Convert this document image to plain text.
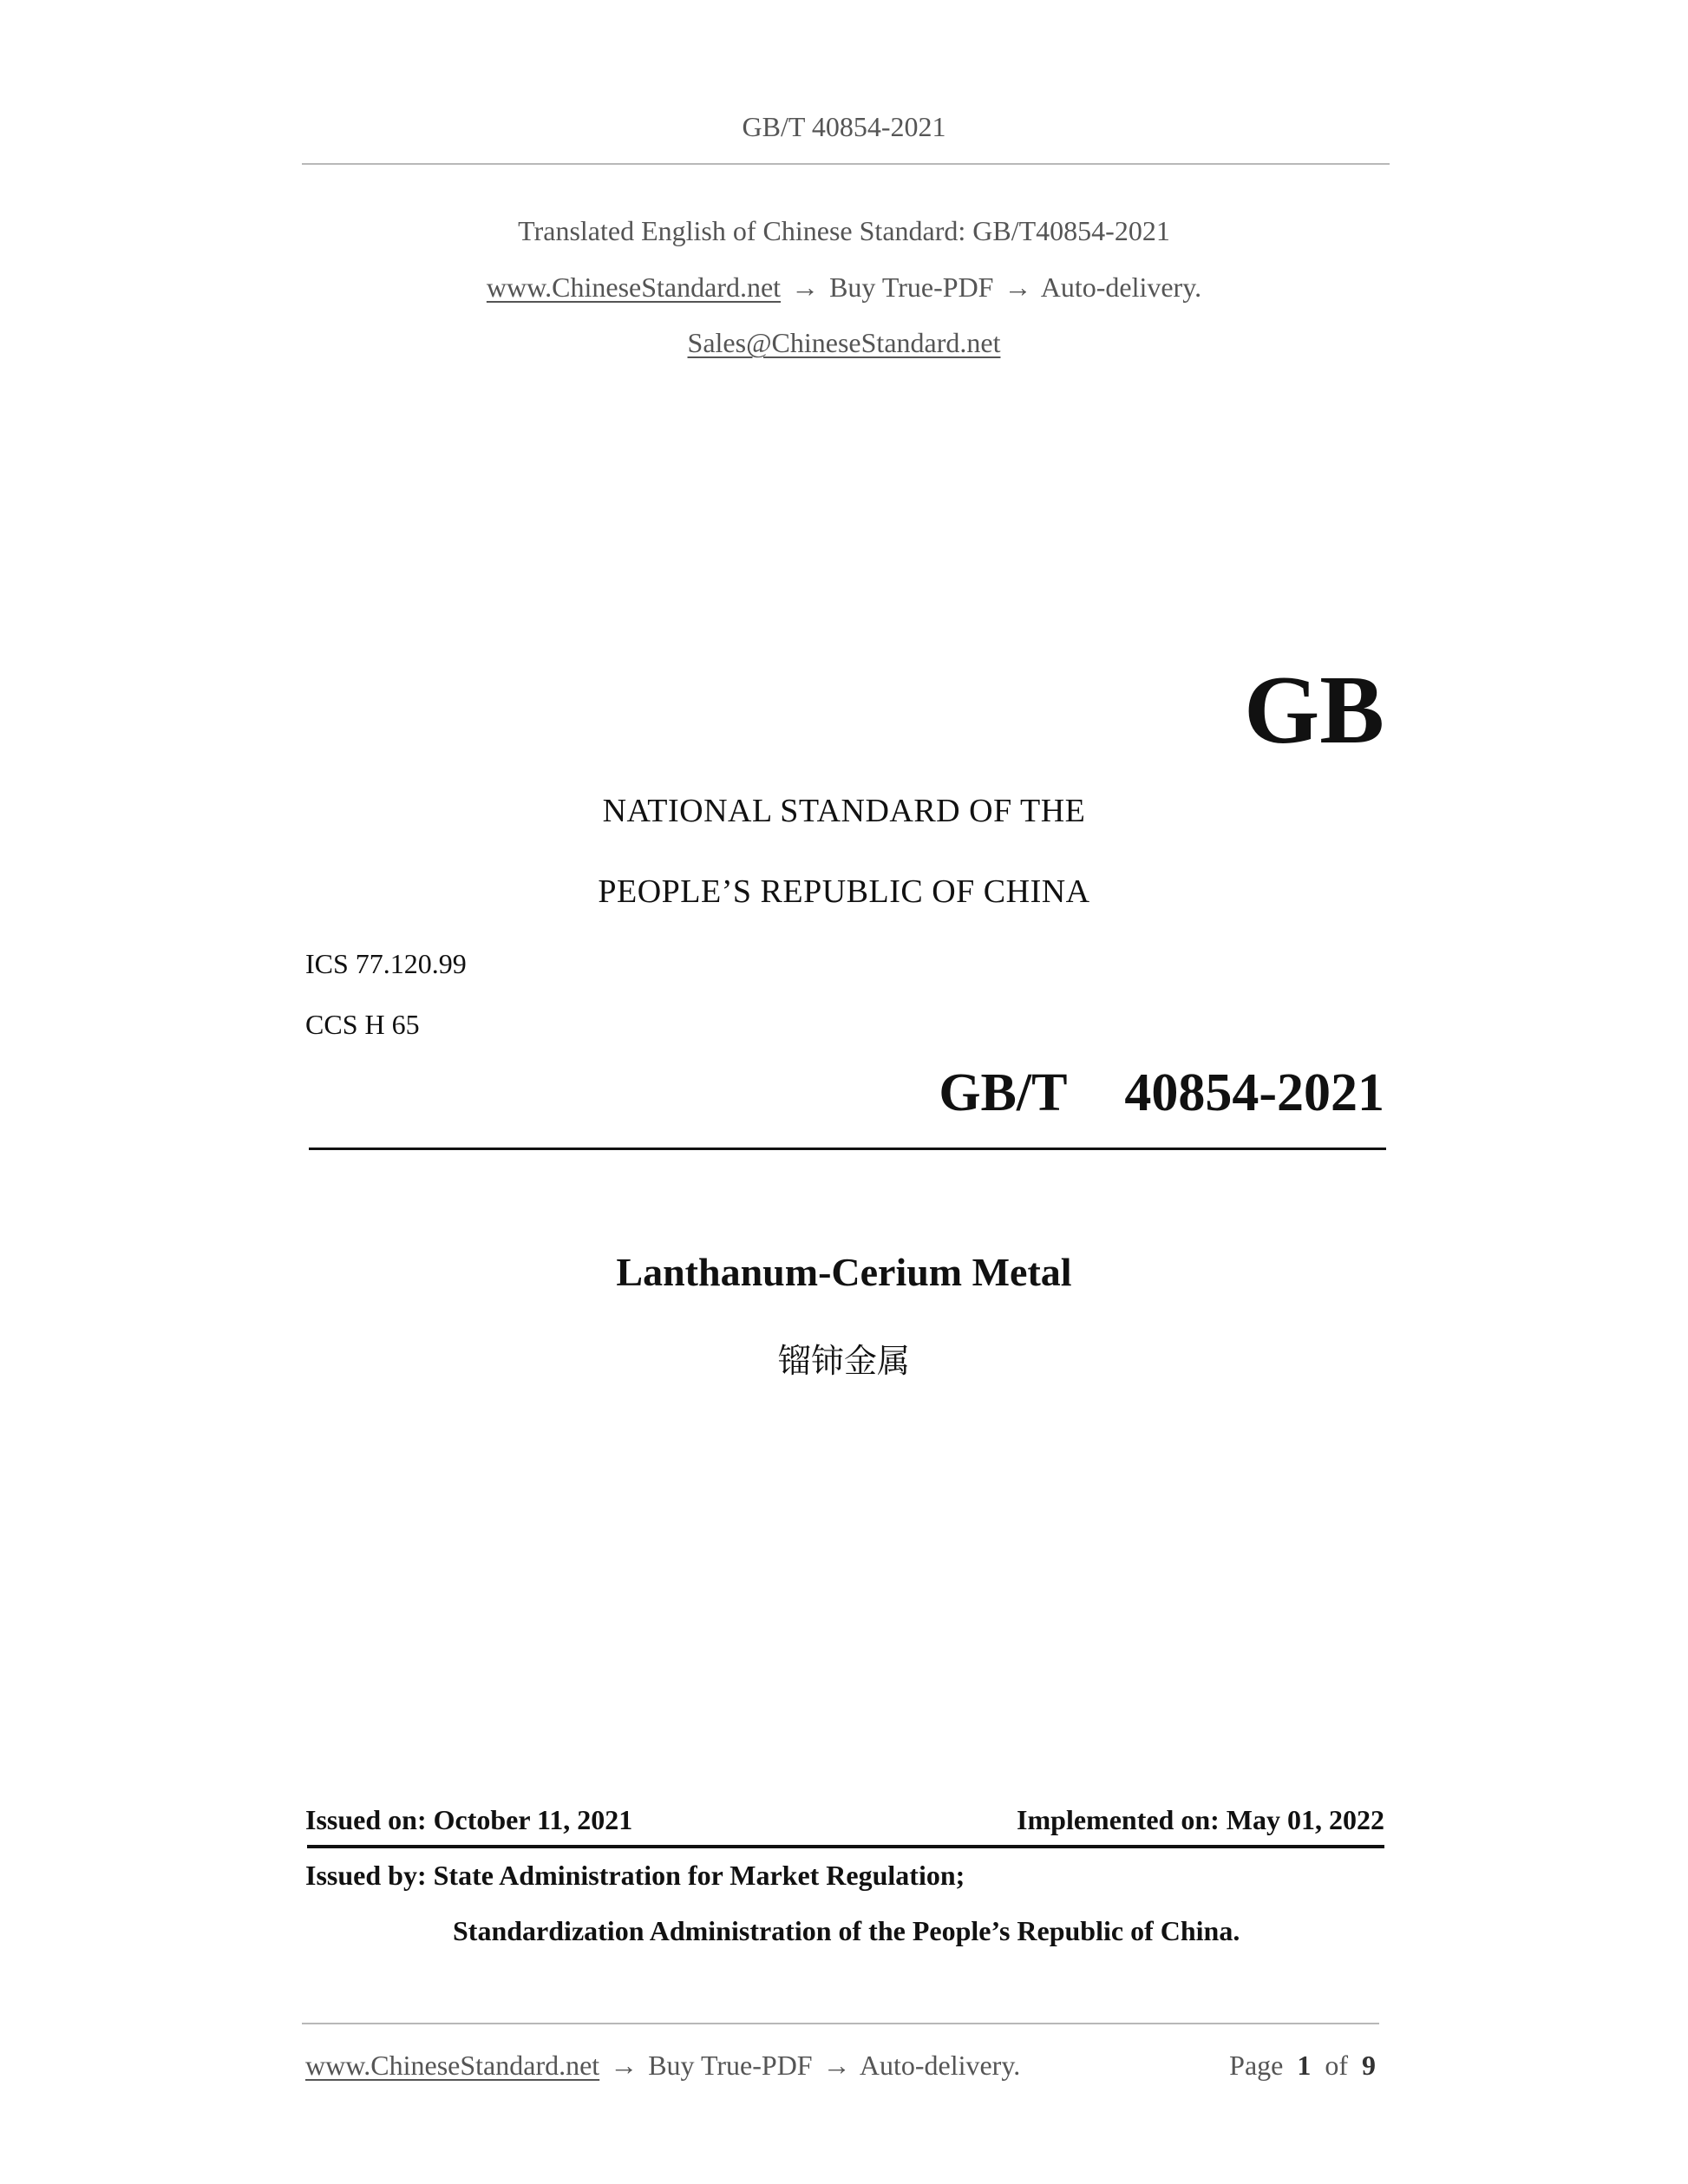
GB/T 40854-2021
Translated English of Chinese Standard: GB/T40854-2021
www.ChineseStandard.net → Buy True-PDF → Auto-delivery.
Sales@ChineseStandard.net
GB
NATIONAL STANDARD OF THE
PEOPLE’S REPUBLIC OF CHINA
ICS 77.120.99
CCS H 65
GB/T  40854-2021
Lanthanum-Cerium Metal
镏铈金属
Issued on: October 11, 2021	Implemented on: May 01, 2022
Issued by: State Administration for Market Regulation;
Standardization Administration of the People’s Republic of China.
www.ChineseStandard.net → Buy True-PDF → Auto-delivery.	Page 1 of 9
